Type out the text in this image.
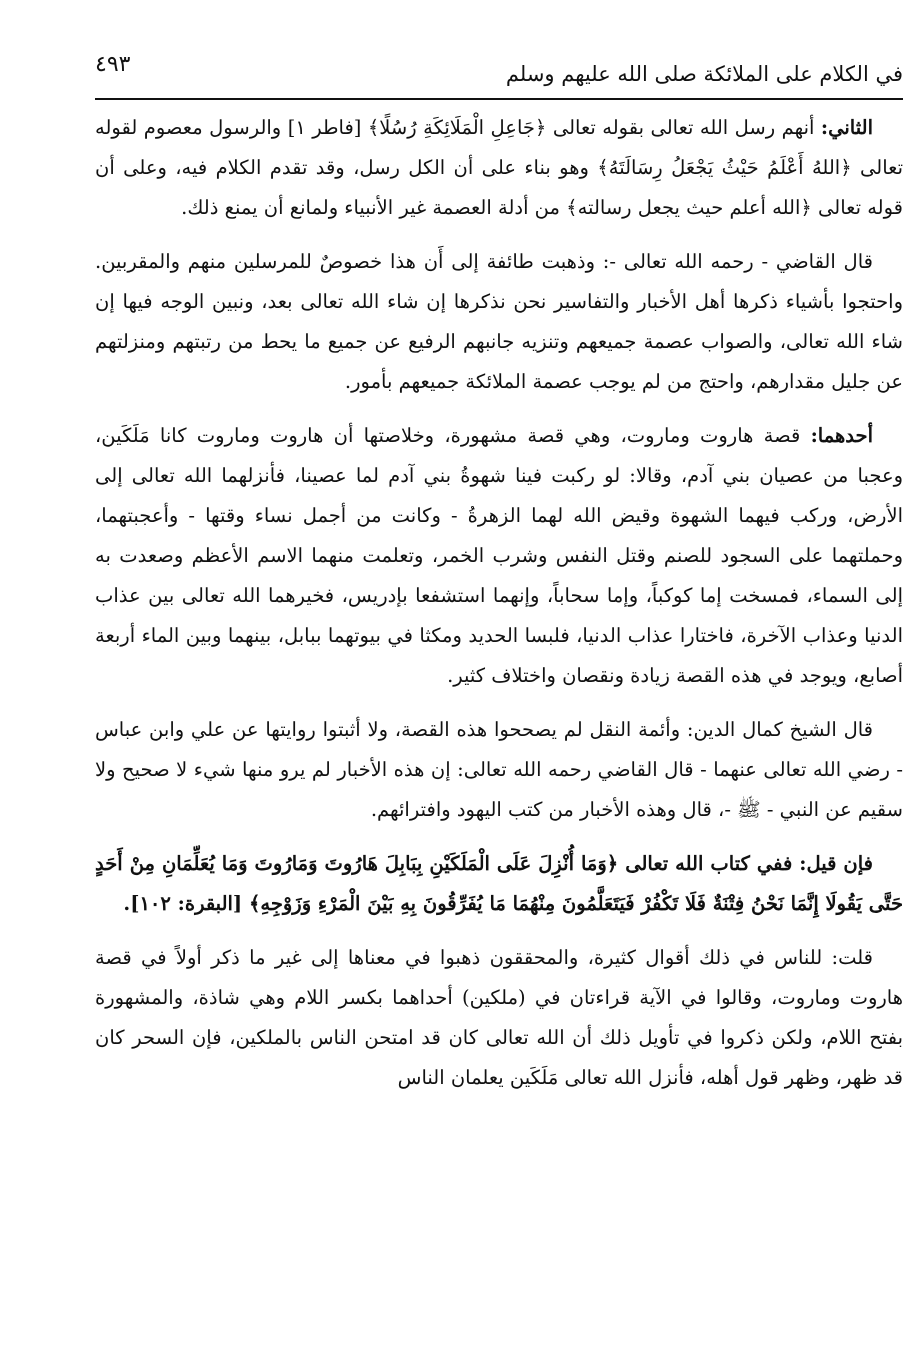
في الكلام على الملائكة صلى الله عليهم وسلم
٤٩٣

الثاني: أنهم رسل الله تعالى بقوله تعالى ﴿جَاعِلِ الْمَلَائِكَةِ رُسُلًا﴾ [فاطر ١] والرسول معصوم لقوله تعالى ﴿اللهُ أَعْلَمُ حَيْثُ يَجْعَلُ رِسَالَتَهُ﴾ وهو بناء على أن الكل رسل، وقد تقدم الكلام فيه، وعلى أن قوله تعالى ﴿الله أعلم حيث يجعل رسالته﴾ من أدلة العصمة غير الأنبياء ولمانع أن يمنع ذلك.

قال القاضي - رحمه الله تعالى -: وذهبت طائفة إلى أَن هذا خصوصٌ للمرسلين منهم والمقربين. واحتجوا بأشياء ذكرها أهل الأخبار والتفاسير نحن نذكرها إن شاء الله تعالى بعد، ونبين الوجه فيها إن شاء الله تعالى، والصواب عصمة جميعهم وتنزيه جانبهم الرفيع عن جميع ما يحط من رتبتهم ومنزلتهم عن جليل مقدارهم، واحتج من لم يوجب عصمة الملائكة جميعهم بأمور.

أحدهما: قصة هاروت وماروت، وهي قصة مشهورة، وخلاصتها أن هاروت وماروت كانا مَلَكَين، وعجبا من عصيان بني آدم، وقالا: لو ركبت فينا شهوةُ بني آدم لما عصينا، فأنزلهما الله تعالى إلى الأرض، وركب فيهما الشهوة وقيض الله لهما الزهرةُ - وكانت من أجمل نساء وقتها - وأعجبتهما، وحملتهما على السجود للصنم وقتل النفس وشرب الخمر، وتعلمت منهما الاسم الأعظم وصعدت به إلى السماء، فمسخت إما كوكباً، وإما سحاباً، وإنهما استشفعا بإدريس، فخيرهما الله تعالى بين عذاب الدنيا وعذاب الآخرة، فاختارا عذاب الدنيا، فلبسا الحديد ومكثا في بيوتهما ببابل، بينهما وبين الماء أربعة أصابع، ويوجد في هذه القصة زيادة ونقصان واختلاف كثير.

قال الشيخ كمال الدين: وأئمة النقل لم يصححوا هذه القصة، ولا أثبتوا روايتها عن علي وابن عباس - رضي الله تعالى عنهما - قال القاضي رحمه الله تعالى: إن هذه الأخبار لم يرو منها شيء لا صحيح ولا سقيم عن النبي - ﷺ -، قال وهذه الأخبار من كتب اليهود وافترائهم.

فإن قيل: ففي كتاب الله تعالى ﴿وَمَا أُنْزِلَ عَلَى الْمَلَكَيْنِ بِبَابِلَ هَارُوتَ وَمَارُوتَ وَمَا يُعَلِّمَانِ مِنْ أَحَدٍ حَتَّى يَقُولَا إِنَّمَا نَحْنُ فِتْنَةٌ فَلَا تَكْفُرْ فَيَتَعَلَّمُونَ مِنْهُمَا مَا يُفَرِّقُونَ بِهِ بَيْنَ الْمَرْءِ وَزَوْجِهِ﴾ [البقرة: ١٠٢].

قلت: للناس في ذلك أقوال كثيرة، والمحققون ذهبوا في معناها إلى غير ما ذكر أولاً في قصة هاروت وماروت، وقالوا في الآية قراءتان في (ملكين) أحداهما بكسر اللام وهي شاذة، والمشهورة بفتح اللام، ولكن ذكروا في تأويل ذلك أن الله تعالى كان قد امتحن الناس بالملكين، فإن السحر كان قد ظهر، وظهر قول أهله، فأنزل الله تعالى مَلَكَين يعلمان الناس
